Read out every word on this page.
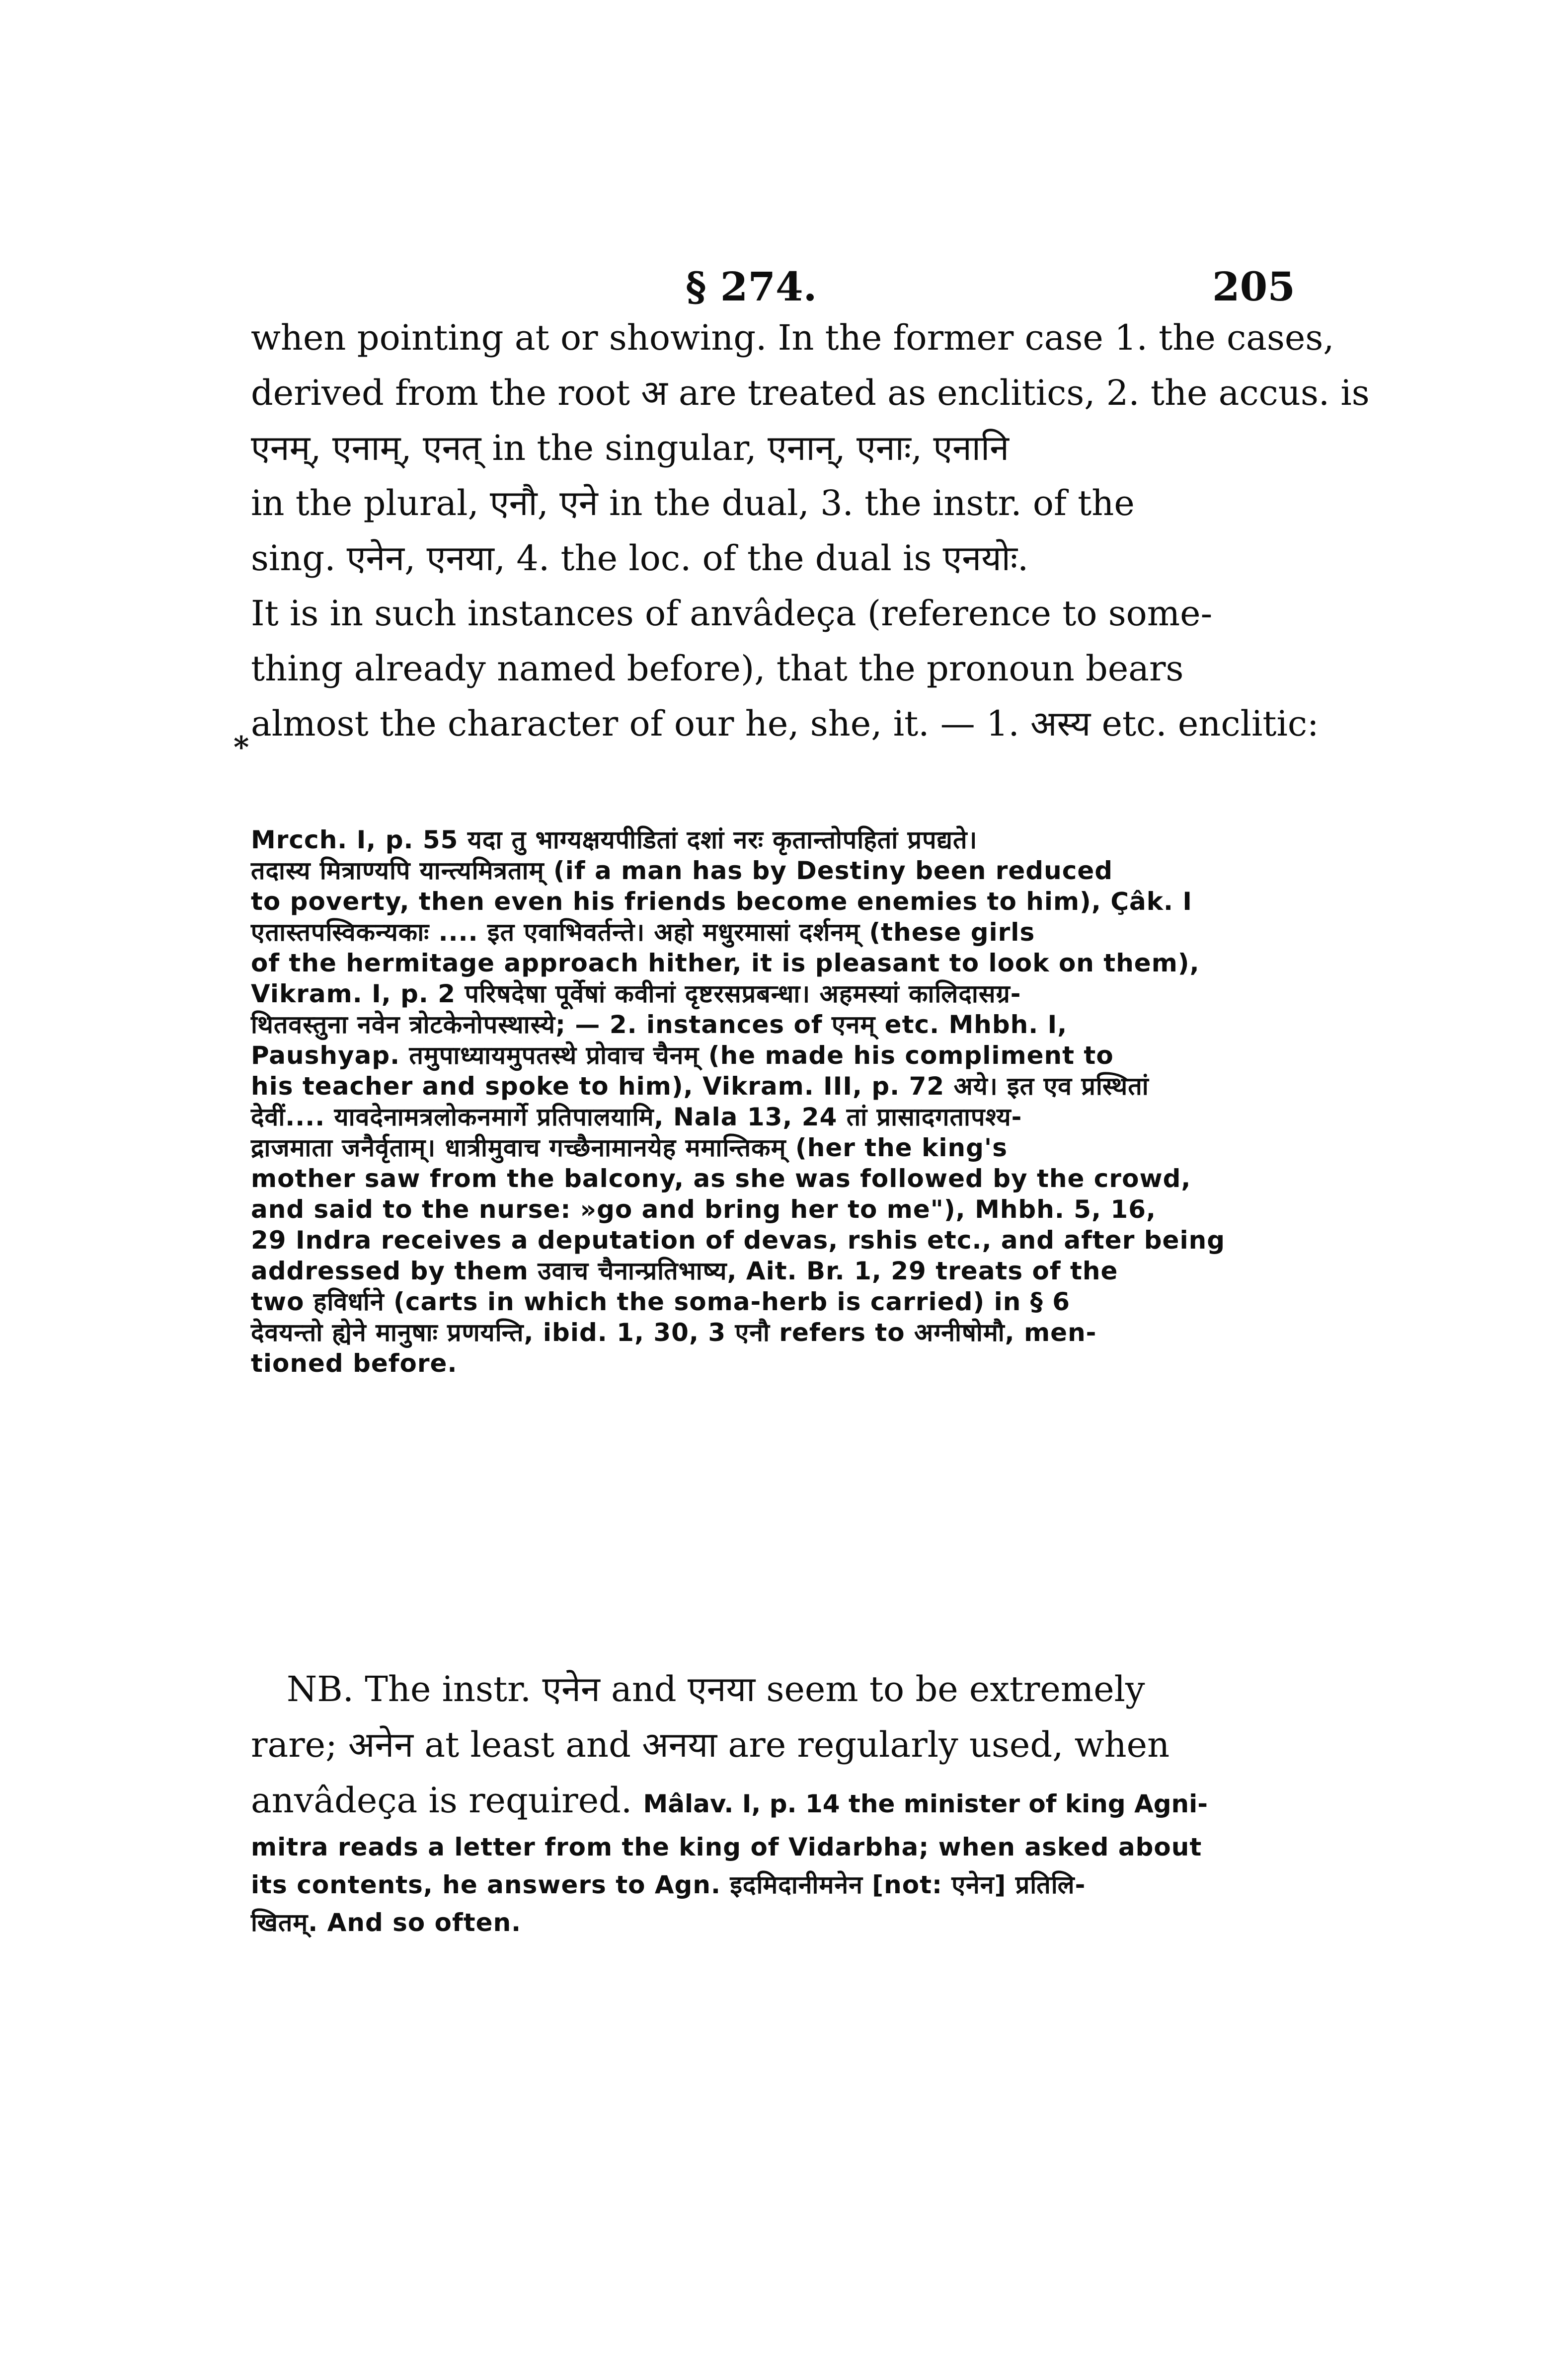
§ 274.	205
*
when pointing at or showing. In the former case 1. the cases,
derived from the root अ are treated as enclitics, 2. the accus. is
एनम्, एनाम्, एनत् in the singular, एनान्, एनाः, एनानि
in the plural, एनौ, एने in the dual, 3. the instr. of the
sing. एनेन, एनया, 4. the loc. of the dual is एनयोः.
It is in such instances of anvâdeça (reference to some-
thing already named before), that the pronoun bears
almost the character of our he, she, it. — 1. अस्य etc. enclitic:
Mrcch. I, p. 55 यदा तु भाग्यक्षयपीडितां दशां नरः कृतान्तोपहितां प्रपद्यते।
तदास्य मित्राण्यपि यान्त्यमित्रताम् (if a man has by Destiny been reduced
to poverty, then even his friends become enemies to him), Çâk. I
एतास्तपस्विकन्यकाः .... इत एवाभिवर्तन्ते। अहो मधुरमासां दर्शनम् (these girls
of the hermitage approach hither, it is pleasant to look on them),
Vikram. I, p. 2 परिषदेषा पूर्वेषां कवीनां दृष्टरसप्रबन्धा। अहमस्यां कालिदासग्र-
थितवस्तुना नवेन त्रोटकेनोपस्थास्ये; — 2. instances of एनम् etc. Mhbh. I,
Paushyap. तमुपाध्यायमुपतस्थे प्रोवाच चैनम् (he made his compliment to
his teacher and spoke to him), Vikram. III, p. 72 अये। इत एव प्रस्थितां
देवीं.... यावदेनामत्रलोकनमार्गे प्रतिपालयामि, Nala 13, 24 तां प्रासादगतापश्य-
द्राजमाता जनैर्वृताम्। धात्रीमुवाच गच्छैनामानयेह ममान्तिकम् (her the king's
mother saw from the balcony, as she was followed by the crowd,
and said to the nurse: »go and bring her to me"), Mhbh. 5, 16,
29 Indra receives a deputation of devas, rshis etc., and after being
addressed by them उवाच चैनान्प्रतिभाष्य, Ait. Br. 1, 29 treats of the
two हविर्धाने (carts in which the soma-herb is carried) in § 6
देवयन्तो ह्येने मानुषाः प्रणयन्ति, ibid. 1, 30, 3 एनौ refers to अग्नीषोमौ, men-
tioned before.
NB. The instr. एनेन and एनया seem to be extremely
rare; अनेन at least and अनया are regularly used, when
anvâdeça is required. Mâlav. I, p. 14 the minister of king Agni-
mitra reads a letter from the king of Vidarbha; when asked about
its contents, he answers to Agn. इदमिदानीमनेन [not: एनेन] प्रतिलि-
खितम्. And so often.
